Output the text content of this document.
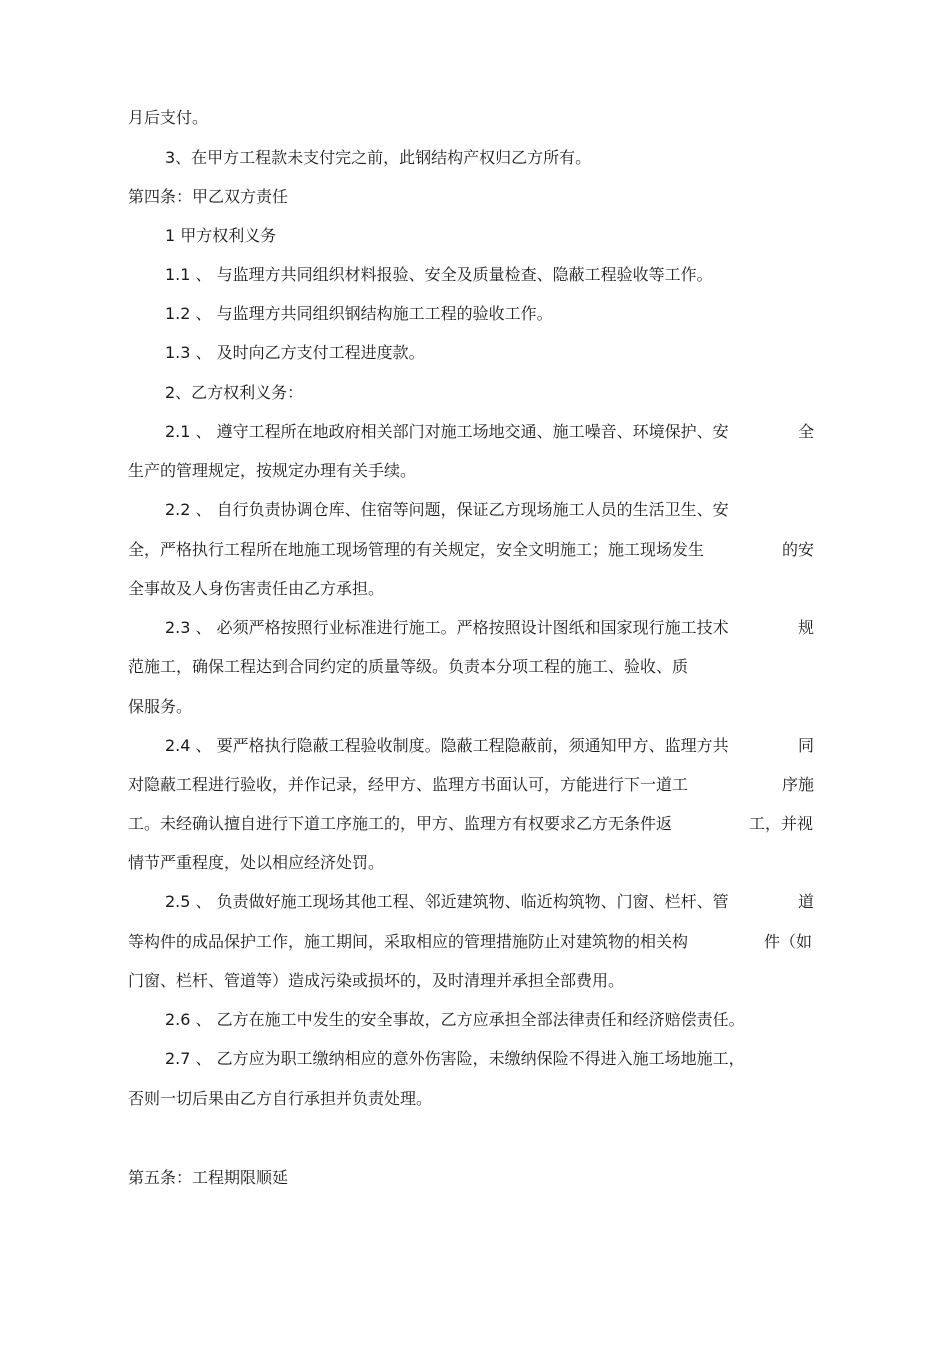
月后支付。

3、在甲方工程款未支付完之前，此钢结构产权归乙方所有。

第四条：甲乙双方责任

1 甲方权利义务

1.1 、 与监理方共同组织材料报验、安全及质量检查、隐蔽工程验收等工作。

1.2 、 与监理方共同组织钢结构施工工程的验收工作。

1.3 、 及时向乙方支付工程进度款。

2、乙方权利义务：

2.1 、 遵守工程所在地政府相关部门对施工场地交通、施工噪音、环境保护、安	全

生产的管理规定，按规定办理有关手续。

2.2 、 自行负责协调仓库、住宿等问题，保证乙方现场施工人员的生活卫生、安

全，严格执行工程所在地施工现场管理的有关规定，安全文明施工；施工现场发生	的安

全事故及人身伤害责任由乙方承担。

2.3 、 必须严格按照行业标准进行施工。严格按照设计图纸和国家现行施工技术	规

范施工，确保工程达到合同约定的质量等级。负责本分项工程的施工、验收、质

保服务。

2.4 、 要严格执行隐蔽工程验收制度。隐蔽工程隐蔽前，须通知甲方、监理方共	同

对隐蔽工程进行验收，并作记录，经甲方、监理方书面认可，方能进行下一道工	序施

工。未经确认擅自进行下道工序施工的，甲方、监理方有权要求乙方无条件返	工，并视

情节严重程度，处以相应经济处罚。

2.5 、 负责做好施工现场其他工程、邻近建筑物、临近构筑物、门窗、栏杆、管	道

等构件的成品保护工作，施工期间，采取相应的管理措施防止对建筑物的相关构	件（如

门窗、栏杆、管道等）造成污染或损坏的，及时清理并承担全部费用。

2.6 、 乙方在施工中发生的安全事故，乙方应承担全部法律责任和经济赔偿责任。

2.7 、 乙方应为职工缴纳相应的意外伤害险，未缴纳保险不得进入施工场地施工，

否则一切后果由乙方自行承担并负责处理。

第五条：工程期限顺延
